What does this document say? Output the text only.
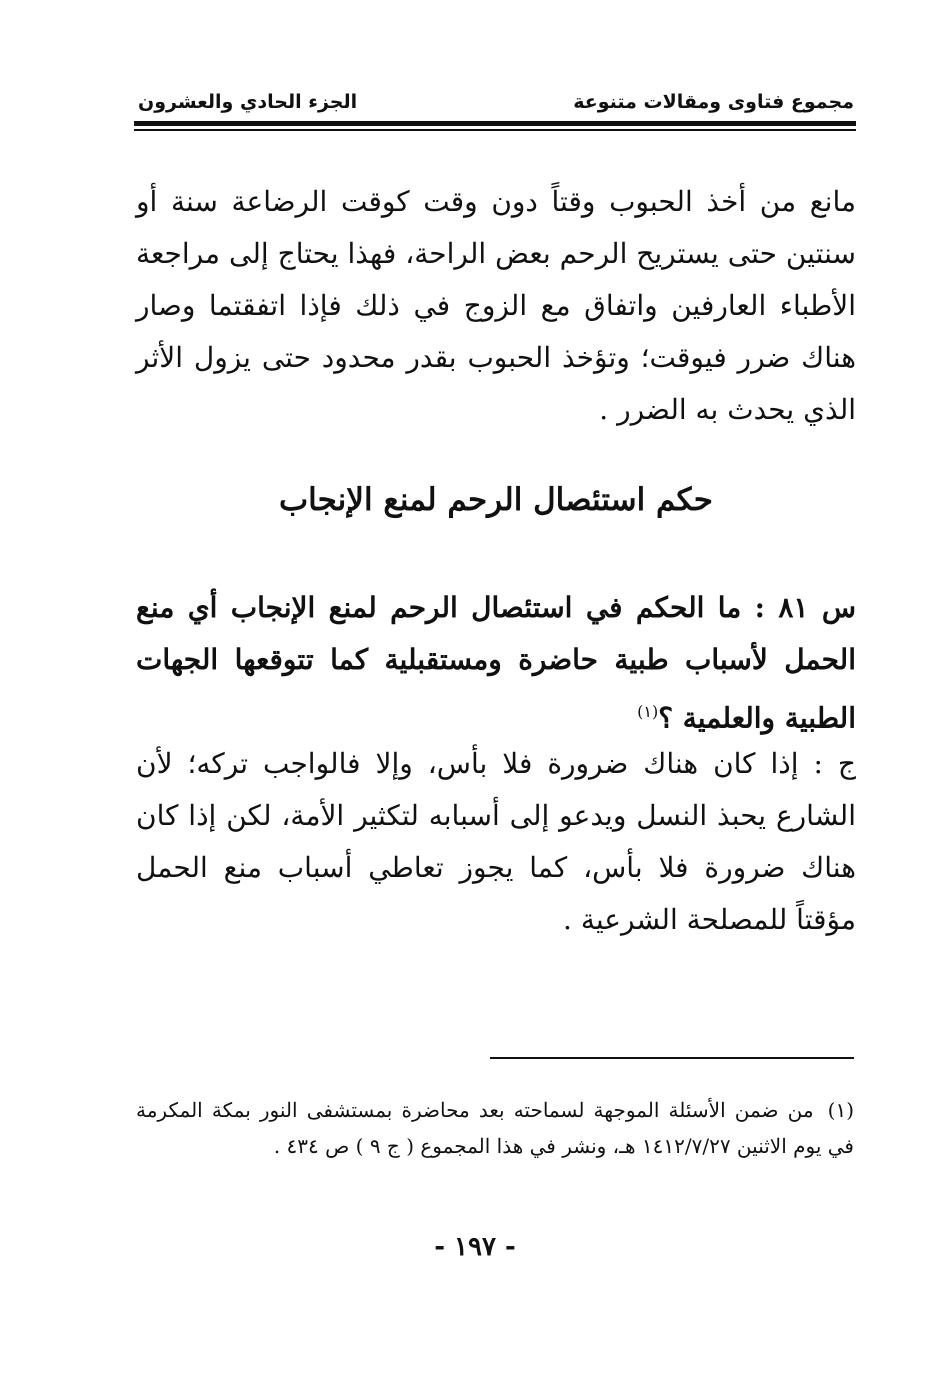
مجموع فتاوى ومقالات متنوعة
الجزء الحادي والعشرون
مانع من أخذ الحبوب وقتاً دون وقت كوقت الرضاعة سنة أو سنتين حتى يستريح الرحم بعض الراحة، فهذا يحتاج إلى مراجعة الأطباء العارفين واتفاق مع الزوج في ذلك فإذا اتفقتما وصار هناك ضرر فيوقت؛ وتؤخذ الحبوب بقدر محدود حتى يزول الأثر الذي يحدث به الضرر .
حكم استئصال الرحم لمنع الإنجاب
س ٨١ : ما الحكم في استئصال الرحم لمنع الإنجاب أي منع الحمل لأسباب طبية حاضرة ومستقبلية كما تتوقعها الجهات الطبية والعلمية ؟$^{(١)}$
ج : إذا كان هناك ضرورة فلا بأس، وإلا فالواجب تركه؛ لأن الشارع يحبذ النسل ويدعو إلى أسبابه لتكثير الأمة، لكن إذا كان هناك ضرورة فلا بأس، كما يجوز تعاطي أسباب منع الحمل مؤقتاً للمصلحة الشرعية .
(١)من ضمن الأسئلة الموجهة لسماحته بعد محاضرة بمستشفى النور بمكة المكرمة في يوم الاثنين ١٤١٢/٧/٢٧ هـ، ونشر في هذا المجموع ( ج ٩ ) ص ٤٣٤ .
- ١٩٧ -
